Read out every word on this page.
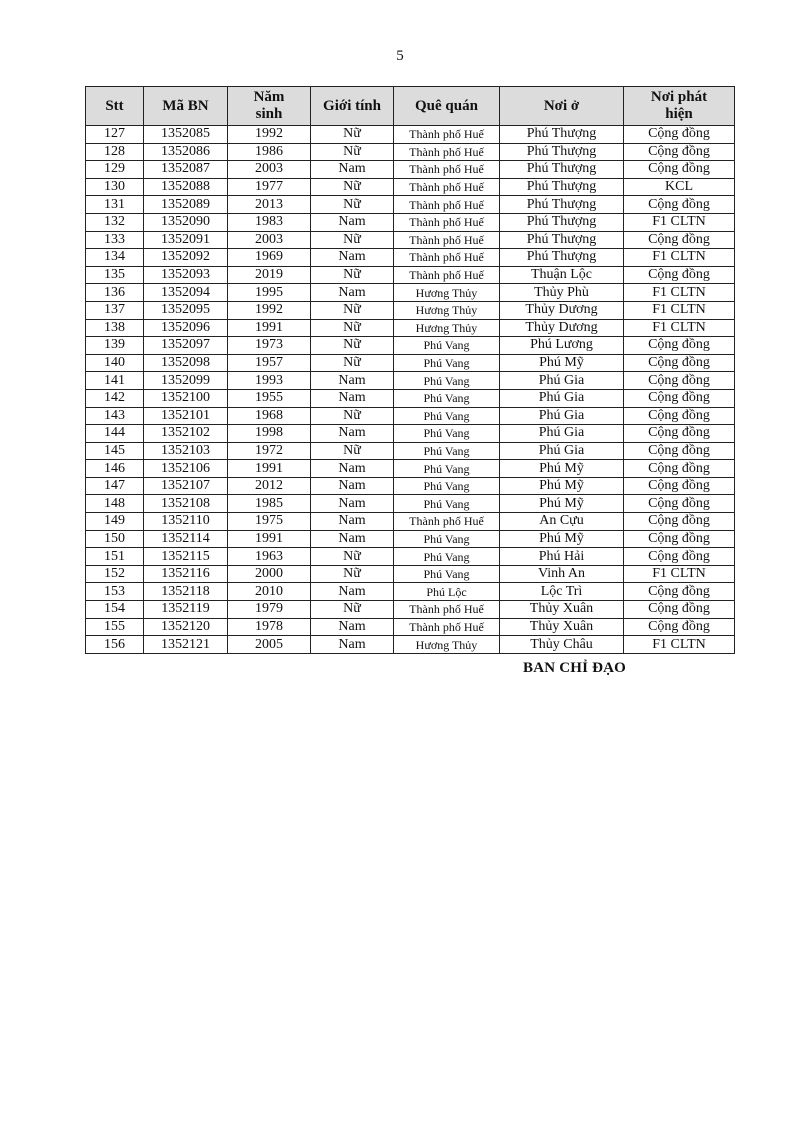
5
Stt	Mã BN	Năm sinh	Giới tính	Quê quán	Nơi ở	Nơi phát hiện
127	1352085	1992	Nữ	Thành phố Huế	Phú Thượng	Cộng đồng
128	1352086	1986	Nữ	Thành phố Huế	Phú Thượng	Cộng đồng
129	1352087	2003	Nam	Thành phố Huế	Phú Thượng	Cộng đồng
130	1352088	1977	Nữ	Thành phố Huế	Phú Thượng	KCL
131	1352089	2013	Nữ	Thành phố Huế	Phú Thượng	Cộng đồng
132	1352090	1983	Nam	Thành phố Huế	Phú Thượng	F1 CLTN
133	1352091	2003	Nữ	Thành phố Huế	Phú Thượng	Cộng đồng
134	1352092	1969	Nam	Thành phố Huế	Phú Thượng	F1 CLTN
135	1352093	2019	Nữ	Thành phố Huế	Thuận Lộc	Cộng đồng
136	1352094	1995	Nam	Hương Thủy	Thủy Phù	F1 CLTN
137	1352095	1992	Nữ	Hương Thủy	Thủy Dương	F1 CLTN
138	1352096	1991	Nữ	Hương Thủy	Thủy Dương	F1 CLTN
139	1352097	1973	Nữ	Phú Vang	Phú Lương	Cộng đồng
140	1352098	1957	Nữ	Phú Vang	Phú Mỹ	Cộng đồng
141	1352099	1993	Nam	Phú Vang	Phú Gia	Cộng đồng
142	1352100	1955	Nam	Phú Vang	Phú Gia	Cộng đồng
143	1352101	1968	Nữ	Phú Vang	Phú Gia	Cộng đồng
144	1352102	1998	Nam	Phú Vang	Phú Gia	Cộng đồng
145	1352103	1972	Nữ	Phú Vang	Phú Gia	Cộng đồng
146	1352106	1991	Nam	Phú Vang	Phú Mỹ	Cộng đồng
147	1352107	2012	Nam	Phú Vang	Phú Mỹ	Cộng đồng
148	1352108	1985	Nam	Phú Vang	Phú Mỹ	Cộng đồng
149	1352110	1975	Nam	Thành phố Huế	An Cựu	Cộng đồng
150	1352114	1991	Nam	Phú Vang	Phú Mỹ	Cộng đồng
151	1352115	1963	Nữ	Phú Vang	Phú Hải	Cộng đồng
152	1352116	2000	Nữ	Phú Vang	Vinh An	F1 CLTN
153	1352118	2010	Nam	Phú Lộc	Lộc Trì	Cộng đồng
154	1352119	1979	Nữ	Thành phố Huế	Thủy Xuân	Cộng đồng
155	1352120	1978	Nam	Thành phố Huế	Thủy Xuân	Cộng đồng
156	1352121	2005	Nam	Hương Thủy	Thủy Châu	F1 CLTN
BAN CHỈ ĐẠO
